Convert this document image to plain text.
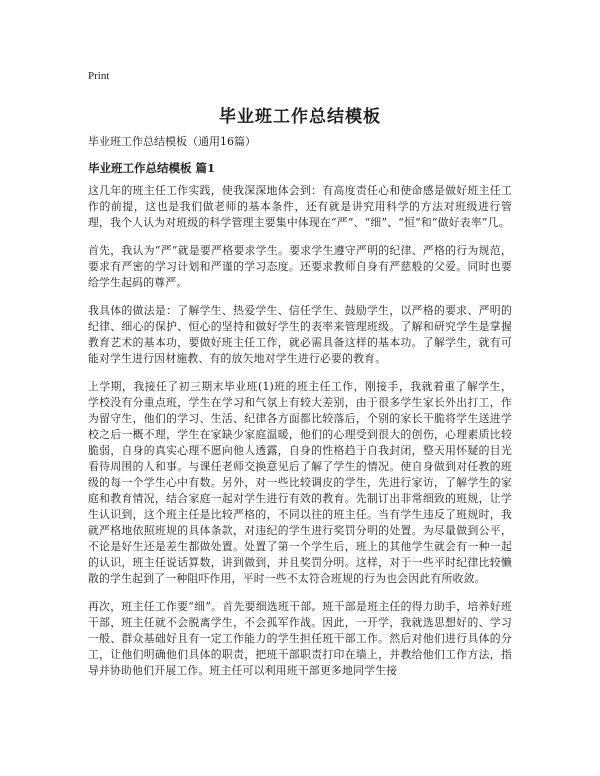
Print
毕业班工作总结模板

毕业班工作总结模板（通用16篇）

毕业班工作总结模板 篇1

这几年的班主任工作实践，使我深深地体会到：有高度责任心和使命感是做好班主任工作的前提，这也是我们做老师的基本条件，还有就是讲究用科学的方法对班级进行管理，我个人认为对班级的科学管理主要集中体现在“严”、“细”、“恒”和“做好表率”几。

首先，我认为“严”就是要严格要求学生。要求学生遵守严明的纪律、严格的行为规范，要求有严密的学习计划和严谨的学习态度。还要求教师自身有严慈般的父爱。同时也要给学生起码的尊严。

我具体的做法是：了解学生、热爱学生、信任学生、鼓励学生，以严格的要求、严明的纪律、细心的保护、恒心的坚持和做好学生的表率来管理班级。了解和研究学生是掌握教育艺术的基本功，要做好班主任工作，就必需具备这样的基本功。了解学生，就有可能对学生进行因材施教、有的放矢地对学生进行必要的教育。

上学期，我接任了初三期末毕业班(1)班的班主任工作，刚接手，我就着重了解学生，学校没有分重点班，学生在学习和气氛上有较大差别，由于很多学生家长外出打工，作为留守生，他们的学习、生活、纪律各方面都比较落后，个别的家长干脆将学生送进学校之后一概不理，学生在家缺少家庭温暖，他们的心理受到很大的创伤，心理素质比较脆弱，自身的真实心理不愿向他人透露，自身的性格趋于自我封闭，整天用怀疑的目光看待周围的人和事。与课任老师交换意见后了解了学生的情况。使自身做到对任教的班级的每一个学生心中有数。另外，对一些比较调皮的学生，先进行家访，了解学生的家庭和教育情况，结合家庭一起对学生进行有效的教育。先制订出非常细致的班规，让学生认识到，这个班主任是比较严格的，不同以往的班主任。当有学生违反了班规时，我就严格地依照班规的具体条款，对违纪的学生进行奖罚分明的处置。为尽量做到公平，不论是好生还是差生都做处置。处置了第一个学生后，班上的其他学生就会有一种一起的认识，班主任说话算数，讲到做到，并且奖罚分明。这样，对于一些平时纪律比较懒散的学生起到了一种阻吓作用，平时一些不太符合班规的行为也会因此有所收敛。

再次，班主任工作要“细”。首先要细选班干部。班干部是班主任的得力助手，培养好班干部，班主任就不会脱离学生，不会孤军作战。因此，一开学，我就选思想好的、学习一般、群众基础好且有一定工作能力的学生担任班干部工作。然后对他们进行具体的分工，让他们明确他们具体的职责，把班干部职责打印在墙上，并教给他们工作方法，指导并协助他们开展工作。班主任可以利用班干部更多地同学生接
